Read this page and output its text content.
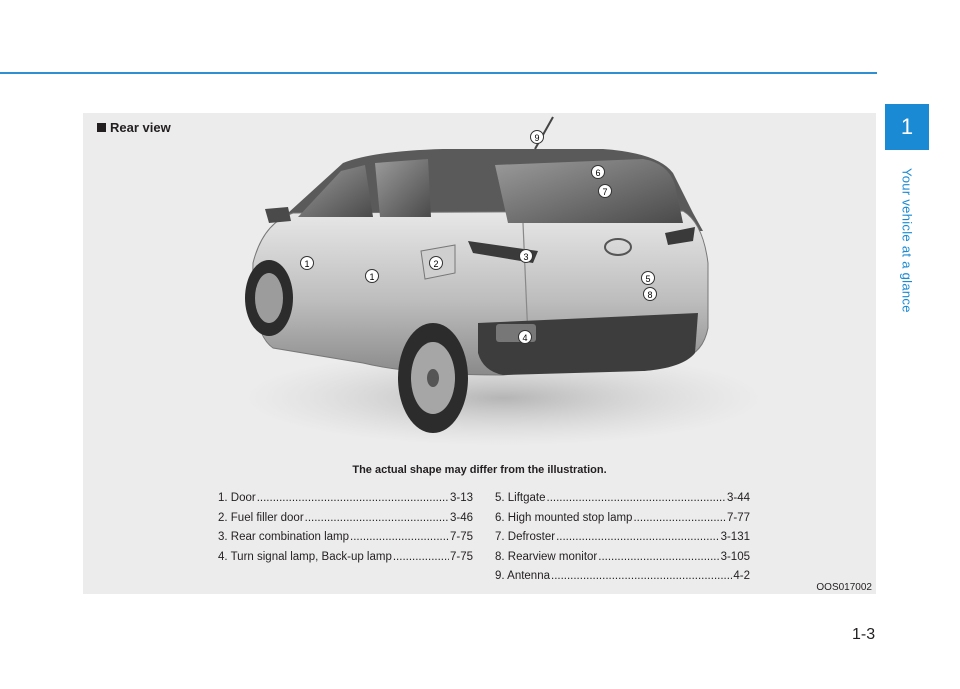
1
Your vehicle at a glance
Rear view
9
6
7
3
1
1
2
5
8
4
The actual shape may differ from the illustration.
1. Door .....	3-13
2. Fuel filler door .....	3-46
3. Rear combination lamp .....	7-75
4. Turn signal lamp, Back-up lamp .....	7-75
5. Liftgate .....	3-44
6. High mounted stop lamp .....	7-77
7. Defroster .....	3-131
8. Rearview monitor .....	3-105
9. Antenna .....	4-2
OOS017002
1-3
